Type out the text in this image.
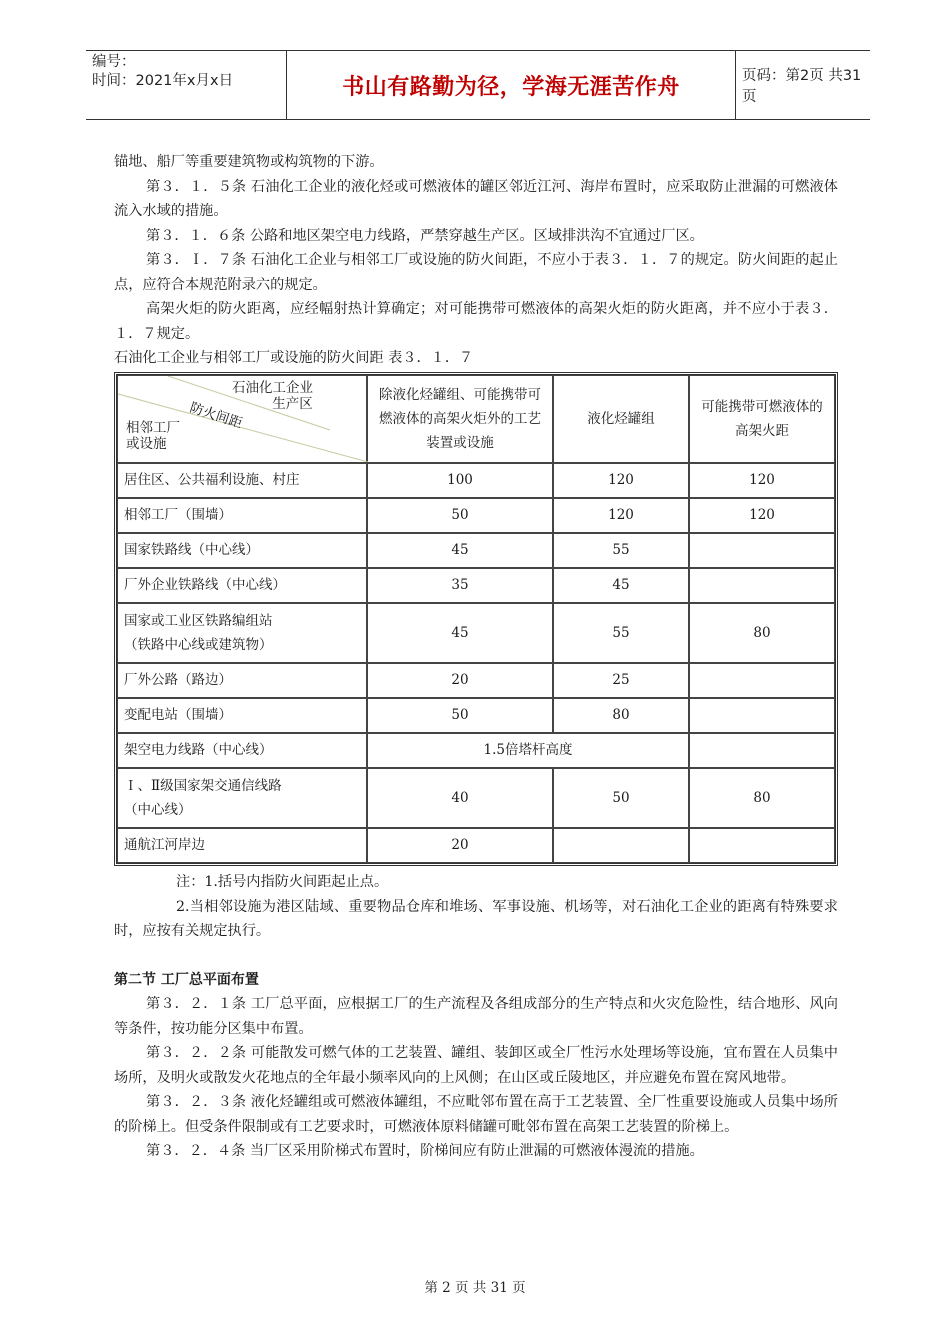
编号：
时间：2021年x月x日	书山有路勤为径，学海无涯苦作舟	页码：第2页 共31页

锚地、船厂等重要建筑物或构筑物的下游。

第３．１．５条 石油化工企业的液化烃或可燃液体的罐区邻近江河、海岸布置时，应采取防止泄漏的可燃液体流入水域的措施。

第３．１．６条 公路和地区架空电力线路，严禁穿越生产区。区域排洪沟不宜通过厂区。

第３．Ｉ．７条 石油化工企业与相邻工厂或设施的防火间距，不应小于表３．１．７的规定。防火间距的起止点，应符合本规范附录六的规定。

高架火炬的防火距离，应经幅射热计算确定；对可能携带可燃液体的高架火炬的防火距离，并不应小于表３．１．７规定。

石油化工企业与相邻工厂或设施的防火间距 表３．１．７

石油化工企业
生产区
防火间距
相邻工厂
或设施	除液化烃罐组、可能携带可燃液体的高架火炬外的工艺装置或设施	液化烃罐组	可能携带可燃液体的高架火距
居住区、公共福利设施、村庄	100	120	120
相邻工厂（围墙）	50	120	120
国家铁路线（中心线）	45	55	
厂外企业铁路线（中心线）	35	45	

国家或工业区铁路编组站
（铁路中心线或建筑物）	45	55	80
厂外公路（路边）	20	25	
变配电站（围墙）	50	80	
架空电力线路（中心线）	1.5倍塔杆高度		

Ｉ、Ⅱ级国家架交通信线路
（中心线）	40	50	80
通航江河岸边	20		

注：1.括号内指防火间距起止点。

2.当相邻设施为港区陆域、重要物品仓库和堆场、军事设施、机场等，对石油化工企业的距离有特殊要求时，应按有关规定执行。

第二节 工厂总平面布置

第３．２．１条 工厂总平面，应根据工厂的生产流程及各组成部分的生产特点和火灾危险性，结合地形、风向等条件，按功能分区集中布置。

第３．２．２条 可能散发可燃气体的工艺装置、罐组、装卸区或全厂性污水处理场等设施，宜布置在人员集中场所，及明火或散发火花地点的全年最小频率风向的上风侧；在山区或丘陵地区，并应避免布置在窝风地带。

第３．２．３条 液化烃罐组或可燃液体罐组，不应毗邻布置在高于工艺装置、全厂性重要设施或人员集中场所的阶梯上。但受条件限制或有工艺要求时，可燃液体原料储罐可毗邻布置在高架工艺装置的阶梯上。

第３．２．４条 当厂区采用阶梯式布置时，阶梯间应有防止泄漏的可燃液体漫流的措施。

第 2 页 共 31 页
